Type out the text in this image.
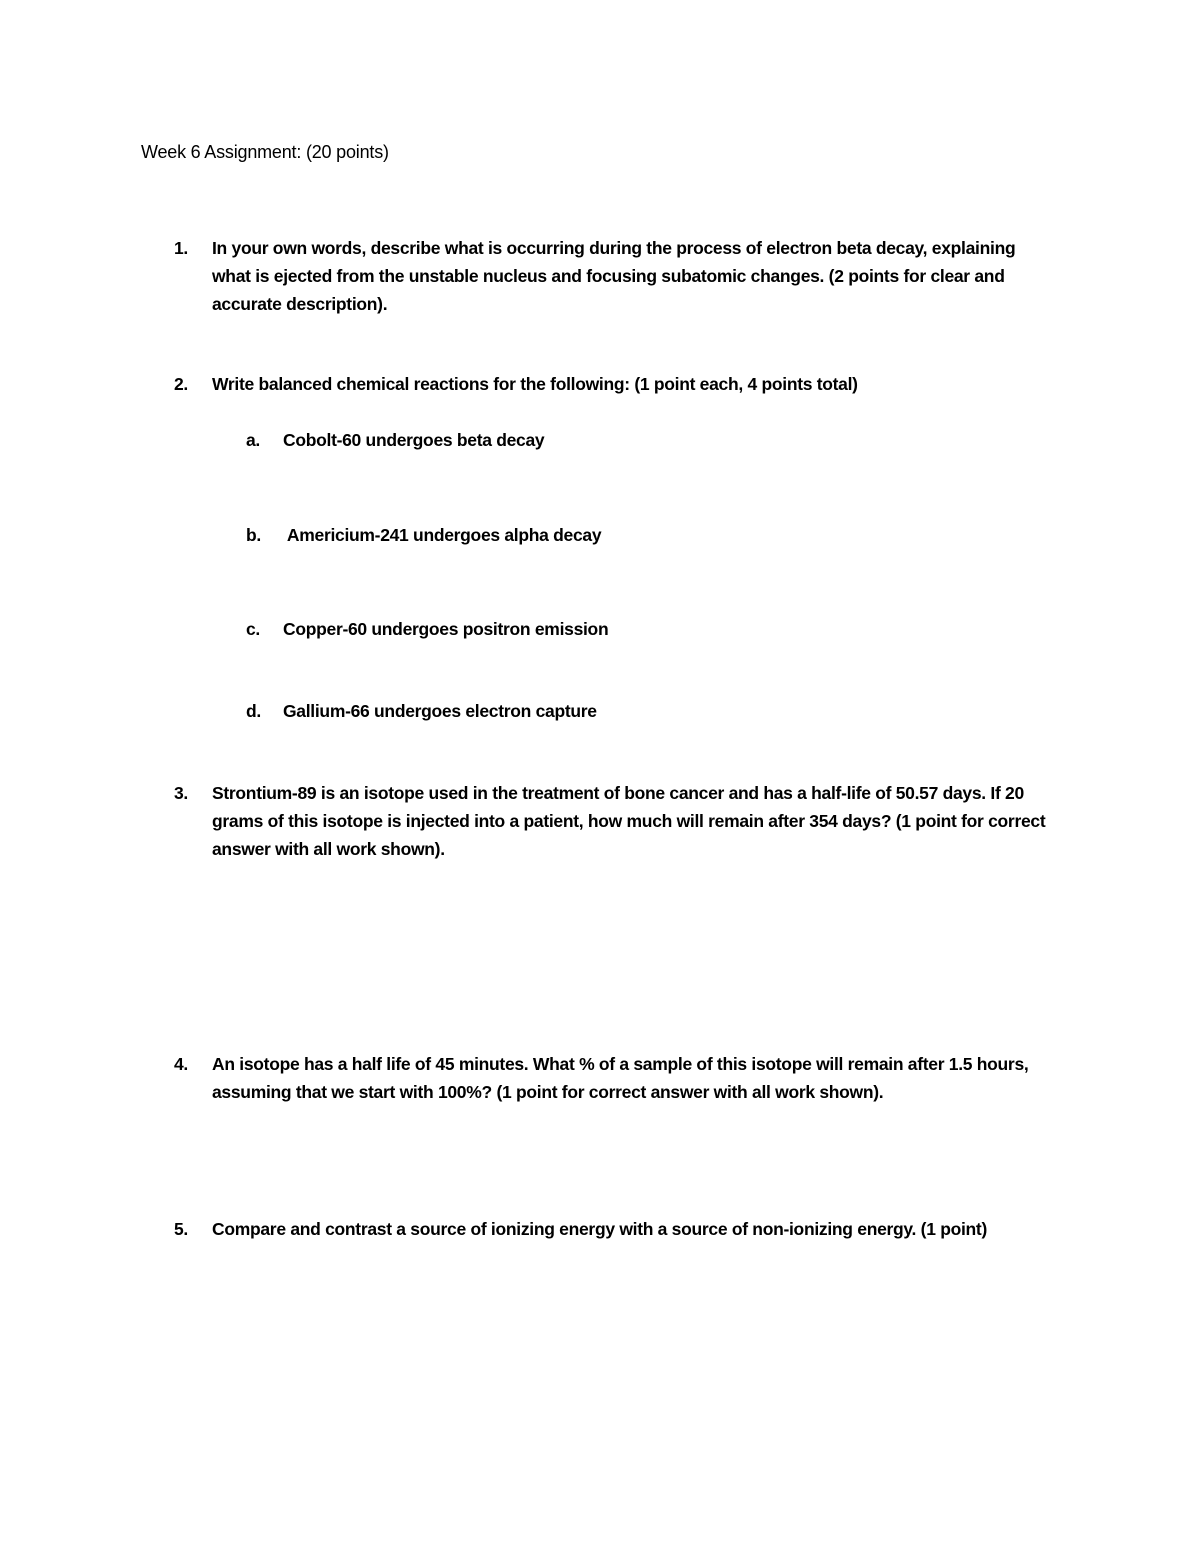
Week 6 Assignment: (20 points)
1.	In your own words, describe what is occurring during the process of electron beta decay, explaining what is ejected from the unstable nucleus and focusing subatomic changes. (2 points for clear and accurate description).
2.	Write balanced chemical reactions for the following: (1 point each, 4 points total)
a.	Cobolt-60 undergoes beta decay
b.	Americium-241 undergoes alpha decay
c.	Copper-60 undergoes positron emission
d.	Gallium-66 undergoes electron capture
3.	Strontium-89 is an isotope used in the treatment of bone cancer and has a half-life of 50.57 days. If 20 grams of this isotope is injected into a patient, how much will remain after 354 days? (1 point for correct answer with all work shown).
4.	An isotope has a half life of 45 minutes. What % of a sample of this isotope will remain after 1.5 hours, assuming that we start with 100%? (1 point for correct answer with all work shown).
5.	Compare and contrast a source of ionizing energy with a source of non-ionizing energy. (1 point)
